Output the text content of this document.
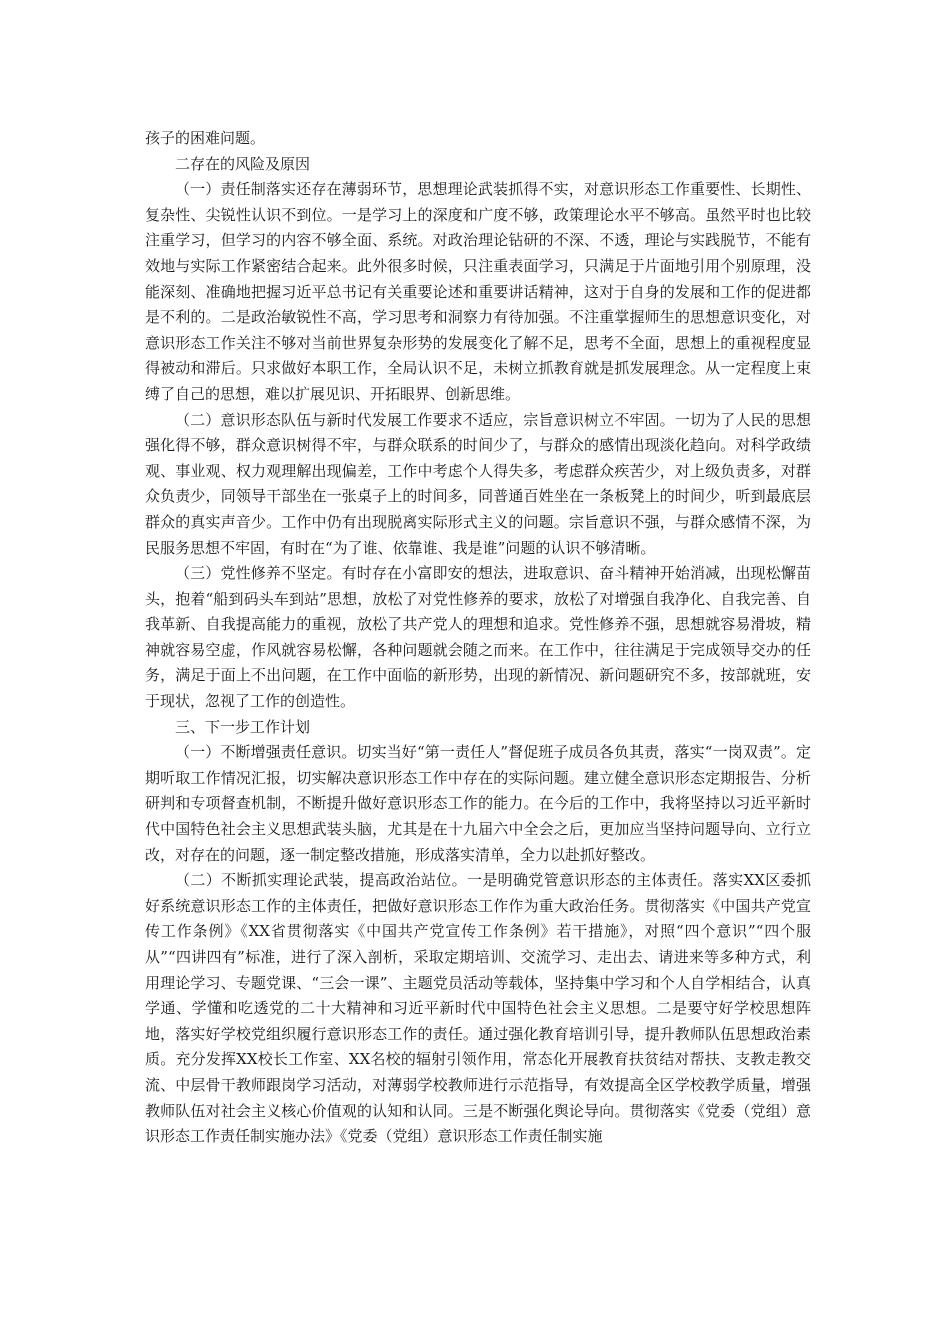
孩子的困难问题。

二存在的风险及原因

（一）责任制落实还存在薄弱环节，思想理论武装抓得不实，对意识形态工作重要性、长期性、复杂性、尖锐性认识不到位。一是学习上的深度和广度不够，政策理论水平不够高。虽然平时也比较注重学习，但学习的内容不够全面、系统。对政治理论钻研的不深、不透，理论与实践脱节，不能有效地与实际工作紧密结合起来。此外很多时候，只注重表面学习，只满足于片面地引用个别原理，没能深刻、准确地把握习近平总书记有关重要论述和重要讲话精神，这对于自身的发展和工作的促进都是不利的。二是政治敏锐性不高，学习思考和洞察力有待加强。不注重掌握师生的思想意识变化，对意识形态工作关注不够对当前世界复杂形势的发展变化了解不足，思考不全面，思想上的重视程度显得被动和滞后。只求做好本职工作，全局认识不足，未树立抓教育就是抓发展理念。从一定程度上束缚了自己的思想，难以扩展见识、开拓眼界、创新思维。

（二）意识形态队伍与新时代发展工作要求不适应，宗旨意识树立不牢固。一切为了人民的思想强化得不够，群众意识树得不牢，与群众联系的时间少了，与群众的感情出现淡化趋向。对科学政绩观、事业观、权力观理解出现偏差，工作中考虑个人得失多，考虑群众疾苦少，对上级负责多，对群众负责少，同领导干部坐在一张桌子上的时间多，同普通百姓坐在一条板凳上的时间少，听到最底层群众的真实声音少。工作中仍有出现脱离实际形式主义的问题。宗旨意识不强，与群众感情不深，为民服务思想不牢固，有时在“为了谁、依靠谁、我是谁”问题的认识不够清晰。

（三）党性修养不坚定。有时存在小富即安的想法，进取意识、奋斗精神开始消减，出现松懈苗头，抱着“船到码头车到站”思想，放松了对党性修养的要求，放松了对增强自我净化、自我完善、自我革新、自我提高能力的重视，放松了共产党人的理想和追求。党性修养不强，思想就容易滑坡，精神就容易空虚，作风就容易松懈，各种问题就会随之而来。在工作中，往往满足于完成领导交办的任务，满足于面上不出问题，在工作中面临的新形势，出现的新情况、新问题研究不多，按部就班，安于现状，忽视了工作的创造性。

三、下一步工作计划

（一）不断增强责任意识。切实当好“第一责任人”督促班子成员各负其责，落实“一岗双责”。定期听取工作情况汇报，切实解决意识形态工作中存在的实际问题。建立健全意识形态定期报告、分析研判和专项督查机制，不断提升做好意识形态工作的能力。在今后的工作中，我将坚持以习近平新时代中国特色社会主义思想武装头脑，尤其是在十九届六中全会之后，更加应当坚持问题导向、立行立改，对存在的问题，逐一制定整改措施，形成落实清单，全力以赴抓好整改。

（二）不断抓实理论武装，提高政治站位。一是明确党管意识形态的主体责任。落实XX区委抓好系统意识形态工作的主体责任，把做好意识形态工作作为重大政治任务。贯彻落实《中国共产党宣传工作条例》《XX省贯彻落实《中国共产党宣传工作条例》若干措施》，对照“四个意识”“四个服从”“四讲四有”标准，进行了深入剖析，采取定期培训、交流学习、走出去、请进来等多种方式，利用理论学习、专题党课、“三会一课”、主题党员活动等载体，坚持集中学习和个人自学相结合，认真学通、学懂和吃透党的二十大精神和习近平新时代中国特色社会主义思想。二是要守好学校思想阵地，落实好学校党组织履行意识形态工作的责任。通过强化教育培训引导，提升教师队伍思想政治素质。充分发挥XX校长工作室、XX名校的辐射引领作用，常态化开展教育扶贫结对帮扶、支教走教交流、中层骨干教师跟岗学习活动，对薄弱学校教师进行示范指导，有效提高全区学校教学质量，增强教师队伍对社会主义核心价值观的认知和认同。三是不断强化舆论导向。贯彻落实《党委（党组）意识形态工作责任制实施办法》《党委（党组）意识形态工作责任制实施
